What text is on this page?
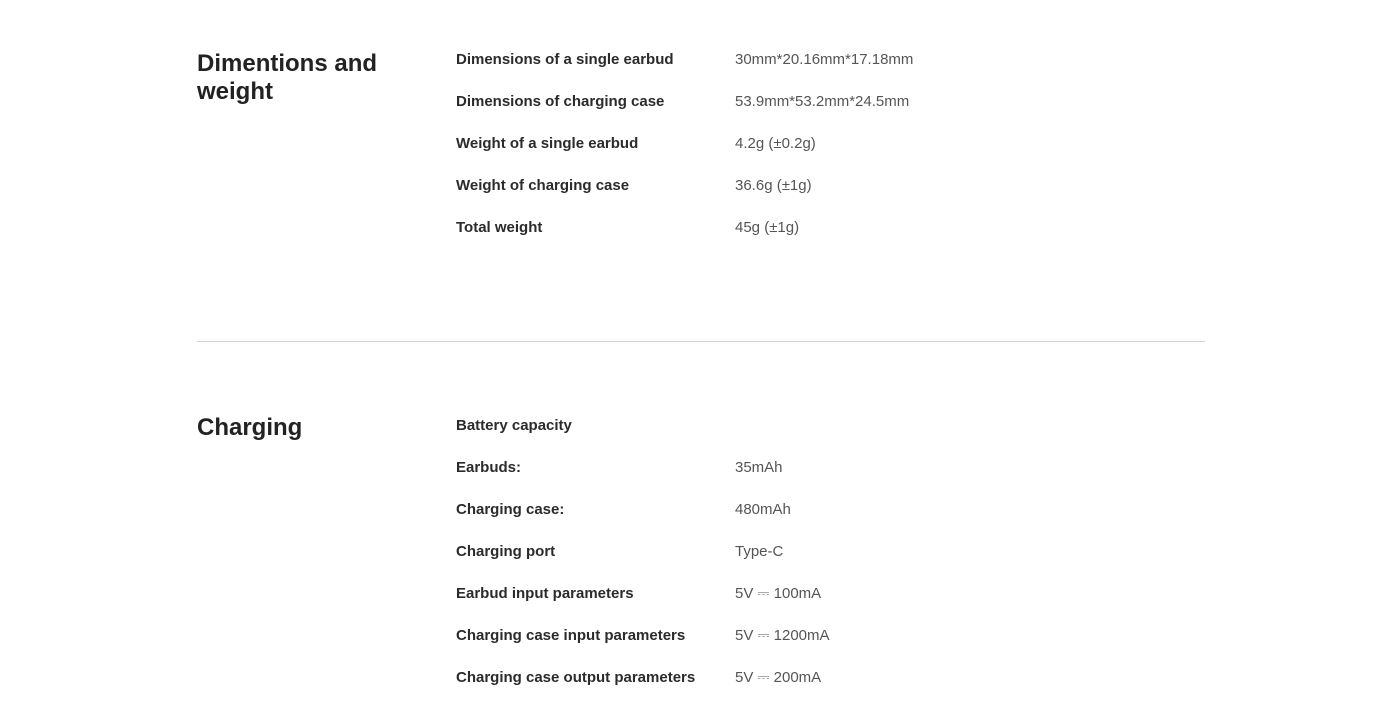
Dimentions and weight
Dimensions of a single earbud	30mm*20.16mm*17.18mm
Dimensions of charging case	53.9mm*53.2mm*24.5mm
Weight of a single earbud	4.2g (±0.2g)
Weight of charging case	36.6g (±1g)
Total weight	45g (±1g)
Charging	Battery capacity
Earbuds:	35mAh
Charging case:	480mAh
Charging port	Type-C
Earbud input parameters	5V ⎓ 100mA
Charging case input parameters	5V ⎓ 1200mA
Charging case output parameters	5V ⎓ 200mA
